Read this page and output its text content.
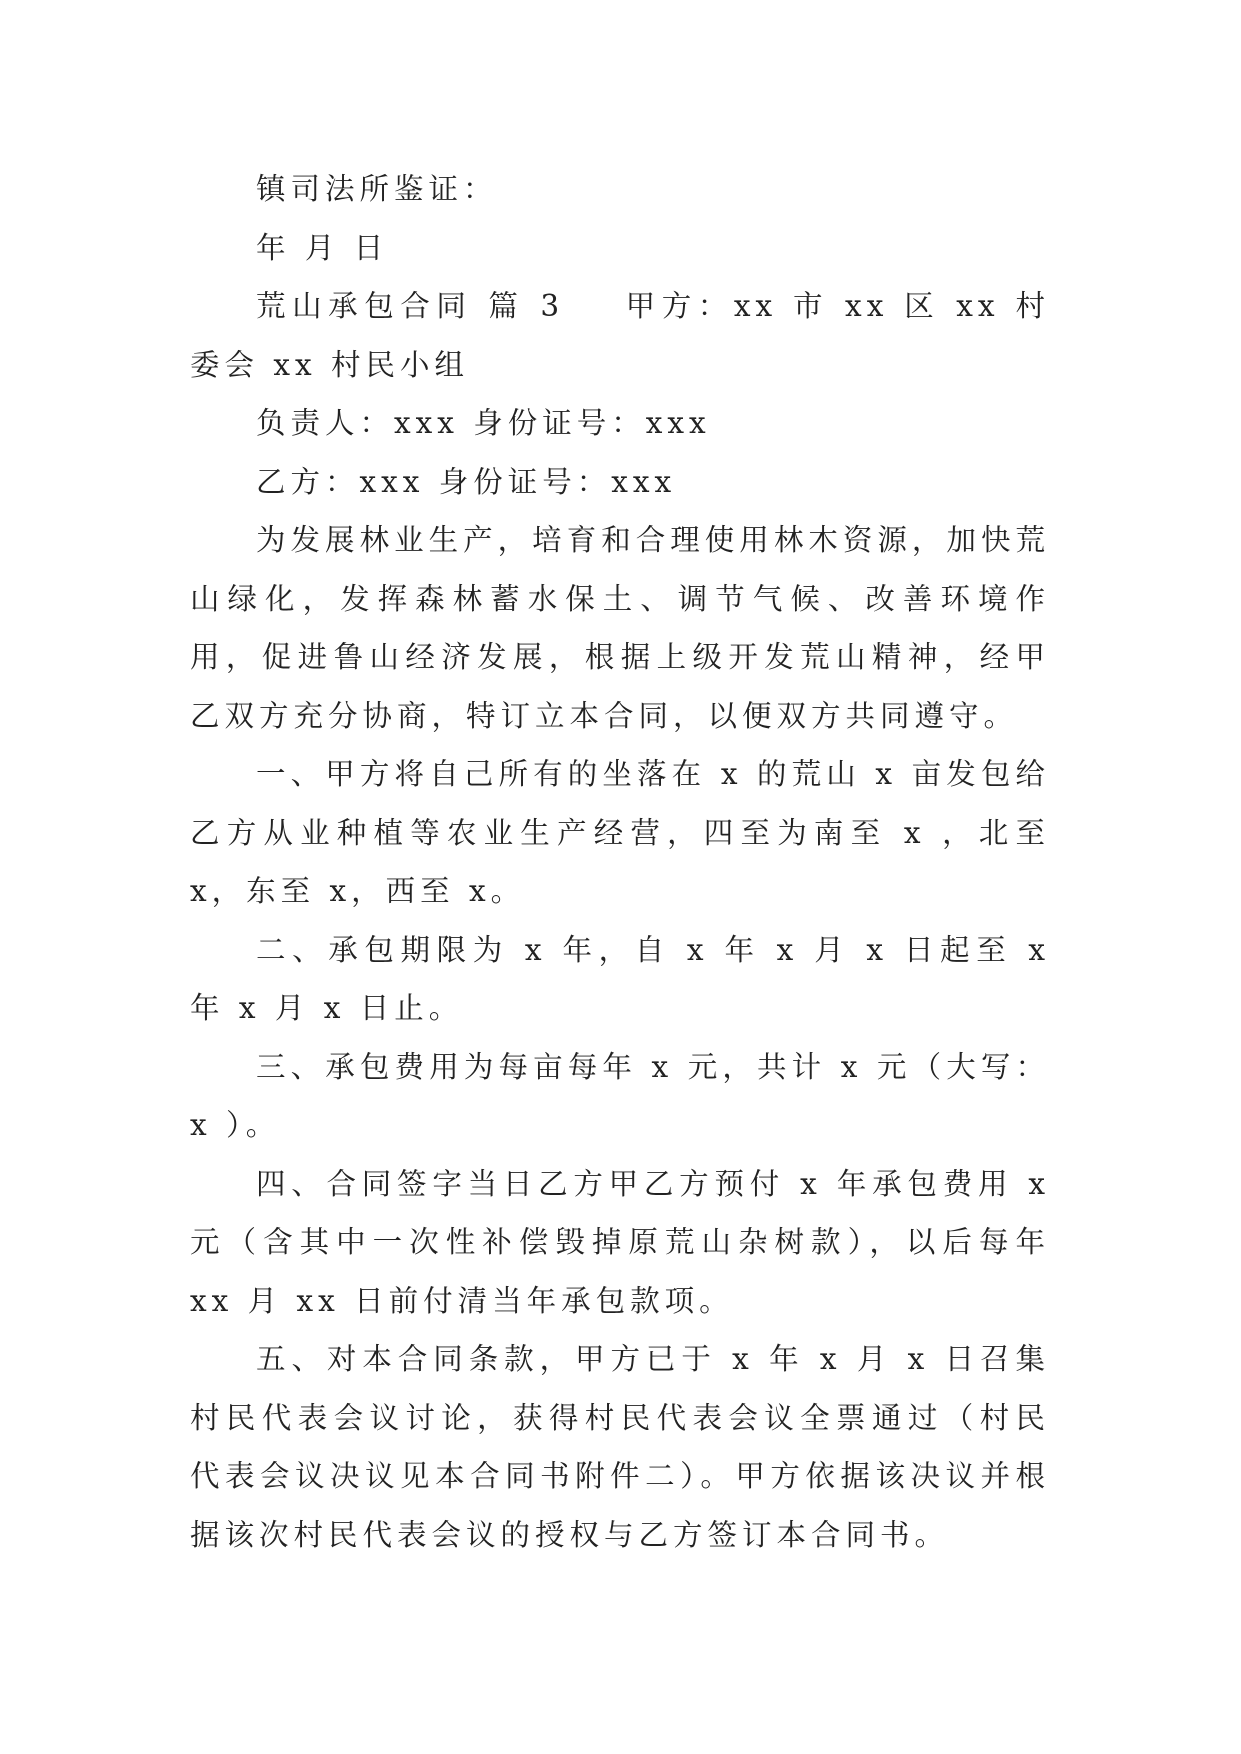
镇司法所鉴证：

年 月 日

荒山承包合同 篇 3 甲方：xx 市 xx 区 xx 村委会 xx 村民小组

负责人：xxx 身份证号：xxx

乙方：xxx 身份证号：xxx

为发展林业生产，培育和合理使用林木资源，加快荒山绿化，发挥森林蓄水保土、调节气候、改善环境作用，促进鲁山经济发展，根据上级开发荒山精神，经甲乙双方充分协商，特订立本合同，以便双方共同遵守。

一、甲方将自己所有的坐落在 x 的荒山 x 亩发包给乙方从业种植等农业生产经营，四至为南至 x ，北至 x，东至 x，西至 x。

二、承包期限为 x 年，自 x 年 x 月 x 日起至 x 年 x 月 x 日止。

三、承包费用为每亩每年 x 元，共计 x 元（大写：x ）。

四、合同签字当日乙方甲乙方预付 x 年承包费用 x 元（含其中一次性补偿毁掉原荒山杂树款），以后每年 xx 月 xx 日前付清当年承包款项。

五、对本合同条款，甲方已于 x 年 x 月 x 日召集村民代表会议讨论，获得村民代表会议全票通过（村民代表会议决议见本合同书附件二）。甲方依据该决议并根据该次村民代表会议的授权与乙方签订本合同书。
